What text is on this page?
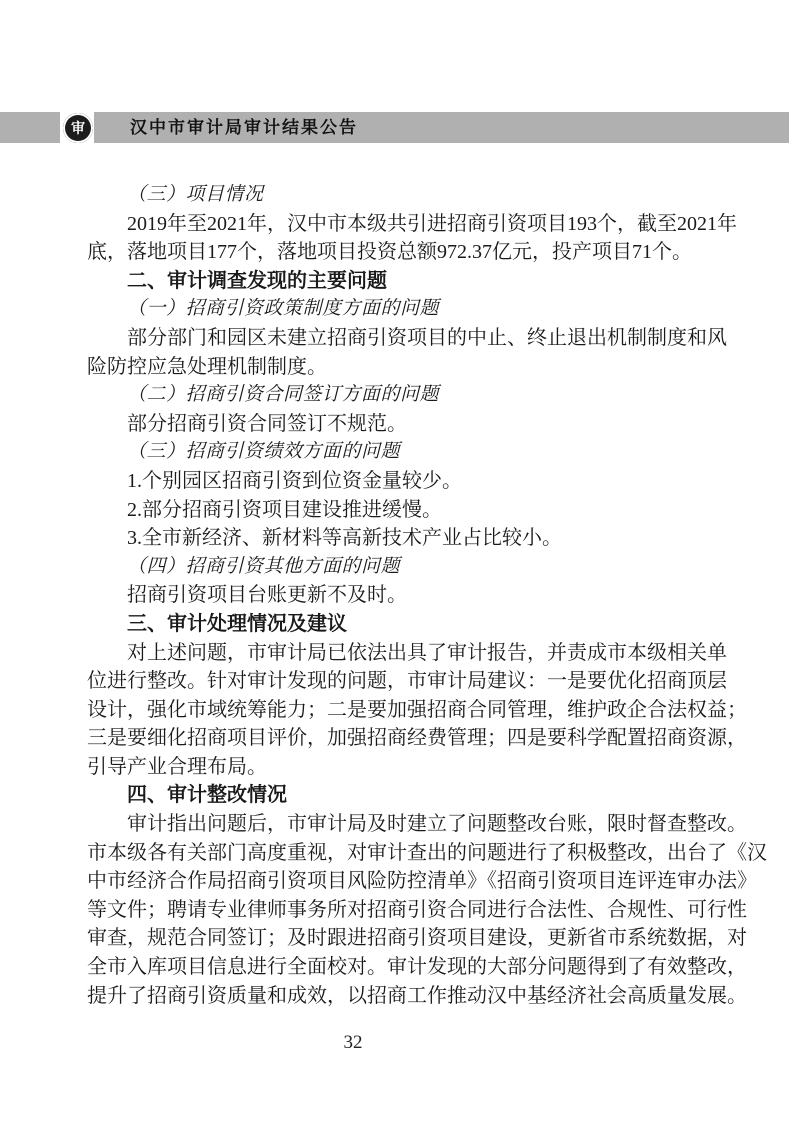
审	汉中市审计局审计结果公告
（三）项目情况
2019年至2021年，汉中市本级共引进招商引资项目193个，截至2021年
底，落地项目177个，落地项目投资总额972.37亿元，投产项目71个。
二、审计调查发现的主要问题
（一）招商引资政策制度方面的问题
部分部门和园区未建立招商引资项目的中止、终止退出机制制度和风
险防控应急处理机制制度。
（二）招商引资合同签订方面的问题
部分招商引资合同签订不规范。
（三）招商引资绩效方面的问题
1.个别园区招商引资到位资金量较少。
2.部分招商引资项目建设推进缓慢。
3.全市新经济、新材料等高新技术产业占比较小。
（四）招商引资其他方面的问题
招商引资项目台账更新不及时。
三、审计处理情况及建议
对上述问题，市审计局已依法出具了审计报告，并责成市本级相关单
位进行整改。针对审计发现的问题，市审计局建议：一是要优化招商顶层
设计，强化市域统筹能力；二是要加强招商合同管理，维护政企合法权益；
三是要细化招商项目评价，加强招商经费管理；四是要科学配置招商资源，
引导产业合理布局。
四、审计整改情况
审计指出问题后，市审计局及时建立了问题整改台账，限时督查整改。
市本级各有关部门高度重视，对审计查出的问题进行了积极整改，出台了《汉
中市经济合作局招商引资项目风险防控清单》《招商引资项目连评连审办法》
等文件；聘请专业律师事务所对招商引资合同进行合法性、合规性、可行性
审查，规范合同签订；及时跟进招商引资项目建设，更新省市系统数据，对
全市入库项目信息进行全面校对。审计发现的大部分问题得到了有效整改，
提升了招商引资质量和成效，以招商工作推动汉中基经济社会高质量发展。
32
